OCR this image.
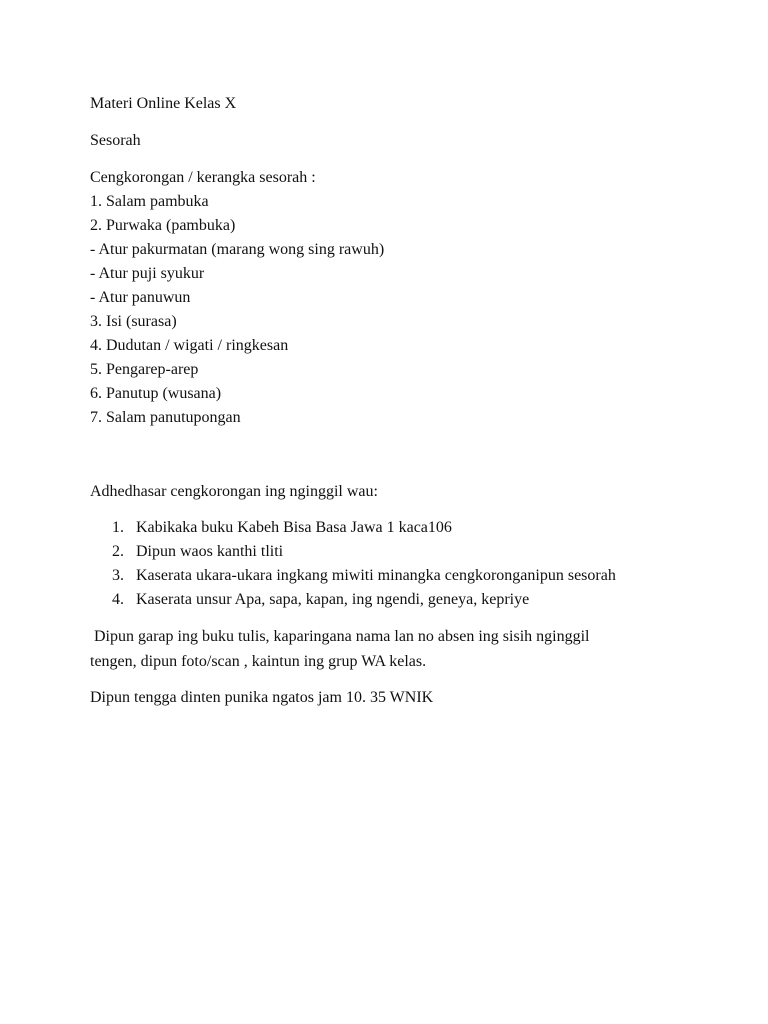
Materi Online Kelas X
Sesorah
Cengkorongan / kerangka sesorah :
1. Salam pambuka
2. Purwaka (pambuka)
- Atur pakurmatan (marang wong sing rawuh)
- Atur puji syukur
- Atur panuwun
3. Isi (surasa)
4. Dudutan / wigati / ringkesan
5. Pengarep-arep
6. Panutup (wusana)
7. Salam panutupongan
Adhedhasar cengkorongan ing nginggil wau:
1. Kabikaka buku Kabeh Bisa Basa Jawa 1 kaca106
2. Dipun waos kanthi tliti
3. Kaserata ukara-ukara ingkang miwiti minangka cengkoronganipun sesorah
4. Kaserata unsur Apa, sapa, kapan, ing ngendi, geneya, kepriye
Dipun garap ing buku tulis, kaparingana nama lan no absen ing sisih nginggil
tengen, dipun foto/scan , kaintun ing grup WA kelas.
Dipun tengga dinten punika ngatos jam 10. 35 WNIK
